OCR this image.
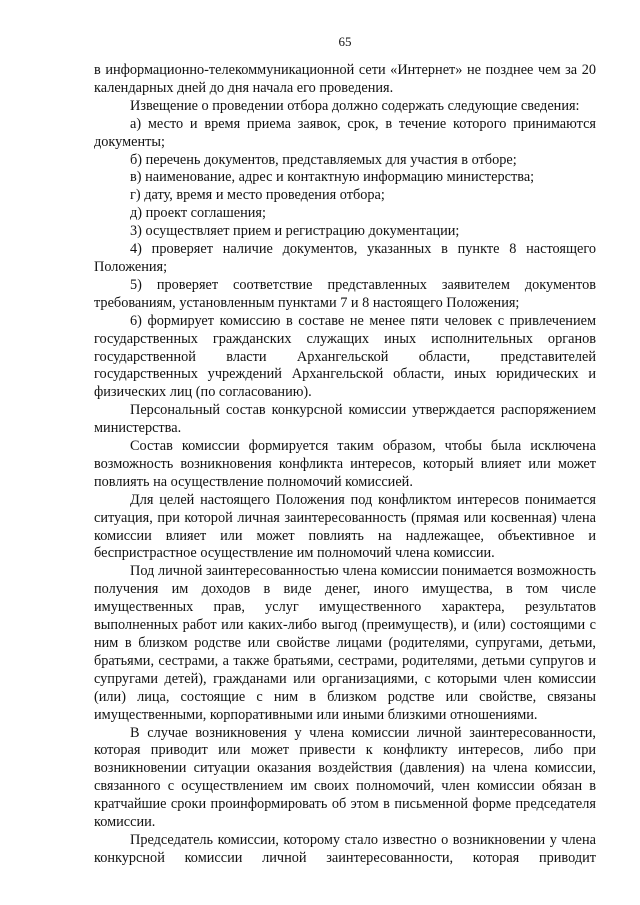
65

в информационно-телекоммуникационной сети «Интернет» не позднее чем за 20 календарных дней до дня начала его проведения.

Извещение о проведении отбора должно содержать следующие сведения:

а) место и время приема заявок, срок, в течение которого принимаются документы;

б) перечень документов, представляемых для участия в отборе;

в) наименование, адрес и контактную информацию министерства;

г) дату, время и место проведения отбора;

д) проект соглашения;

3) осуществляет прием и регистрацию документации;

4) проверяет наличие документов, указанных в пункте 8 настоящего Положения;

5) проверяет соответствие представленных заявителем документов требованиям, установленным пунктами 7 и 8 настоящего Положения;

6) формирует комиссию в составе не менее пяти человек с привлечением государственных гражданских служащих иных исполнительных органов государственной власти Архангельской области, представителей государственных учреждений Архангельской области, иных юридических и физических лиц (по согласованию).

Персональный состав конкурсной комиссии утверждается распоряжением министерства.

Состав комиссии формируется таким образом, чтобы была исключена возможность возникновения конфликта интересов, который влияет или может повлиять на осуществление полномочий комиссией.

Для целей настоящего Положения под конфликтом интересов понимается ситуация, при которой личная заинтересованность (прямая или косвенная) члена комиссии влияет или может повлиять на надлежащее, объективное и беспристрастное осуществление им полномочий члена комиссии.

Под личной заинтересованностью члена комиссии понимается возможность получения им доходов в виде денег, иного имущества, в том числе имущественных прав, услуг имущественного характера, результатов выполненных работ или каких-либо выгод (преимуществ), и (или) состоящими с ним в близком родстве или свойстве лицами (родителями, супругами, детьми, братьями, сестрами, а также братьями, сестрами, родителями, детьми супругов и супругами детей), гражданами или организациями, с которыми член комиссии (или) лица, состоящие с ним в близком родстве или свойстве, связаны имущественными, корпоративными или иными близкими отношениями.

В случае возникновения у члена комиссии личной заинтересованности, которая приводит или может привести к конфликту интересов, либо при возникновении ситуации оказания воздействия (давления) на члена комиссии, связанного с осуществлением им своих полномочий, член комиссии обязан в кратчайшие сроки проинформировать об этом в письменной форме председателя комиссии.

Председатель комиссии, которому стало известно о возникновении у члена конкурсной комиссии личной заинтересованности, которая приводит
